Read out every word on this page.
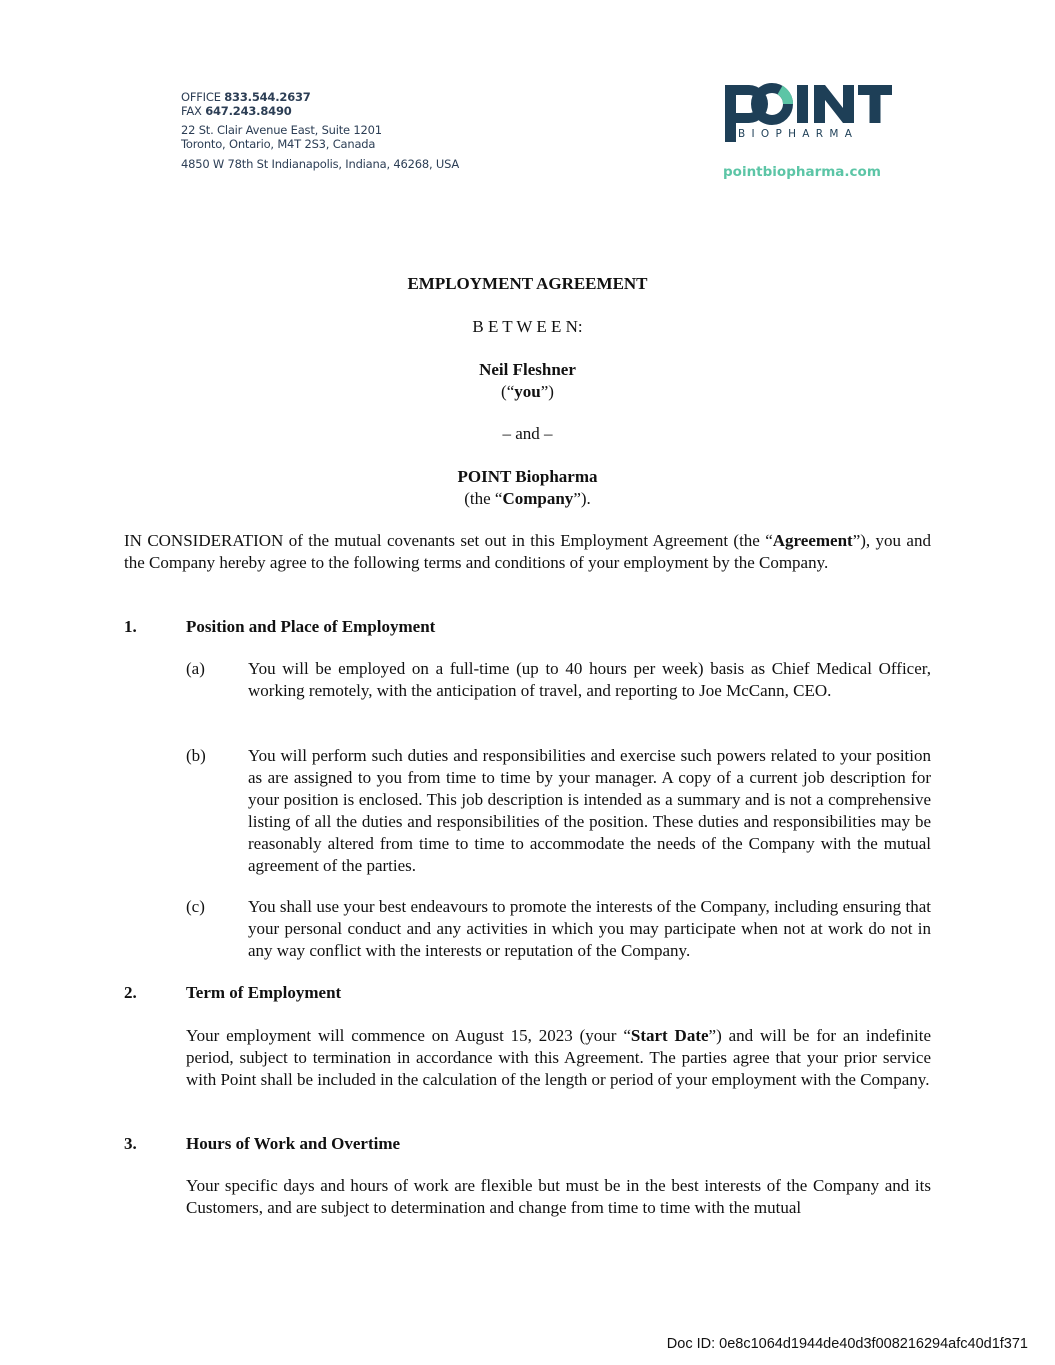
OFFICE 833.544.2637
FAX 647.243.8490
22 St. Clair Avenue East, Suite 1201
Toronto, Ontario, M4T 2S3, Canada
4850 W 78th St Indianapolis, Indiana, 46268, USA
BIOPHARMA
pointbiopharma.com
EMPLOYMENT AGREEMENT
B E T W E E N:
Neil Fleshner
(“you”)
– and –
POINT Biopharma
(the “Company”).
IN CONSIDERATION of the mutual covenants set out in this Employment Agreement (the “Agreement”), you and the Company hereby agree to the following terms and conditions of your employment by the Company.
1.	Position and Place of Employment
(a)	You will be employed on a full-time (up to 40 hours per week) basis as Chief Medical Officer, working remotely, with the anticipation of travel, and reporting to Joe McCann, CEO.
(b) You will perform such duties and responsibilities and exercise such powers related to your position as are assigned to you from time to time by your manager. A copy of a current job description for your position is enclosed. This job description is intended as a summary and is not a comprehensive listing of all the duties and responsibilities of the position. These duties and responsibilities may be reasonably altered from time to time to accommodate the needs of the Company with the mutual agreement of the parties.
(c)	You shall use your best endeavours to promote the interests of the Company, including ensuring that your personal conduct and any activities in which you may participate when not at work do not in any way conflict with the interests or reputation of the Company.
2.	Term of Employment
Your employment will commence on August 15, 2023 (your “Start Date”) and will be for an indefinite period, subject to termination in accordance with this Agreement. The parties agree that your prior service with Point shall be included in the calculation of the length or period of your employment with the Company.
3.	Hours of Work and Overtime
Your specific days and hours of work are flexible but must be in the best interests of the Company and its Customers, and are subject to determination and change from time to time with the mutual
Doc ID: 0e8c1064d1944de40d3f008216294afc40d1f371
